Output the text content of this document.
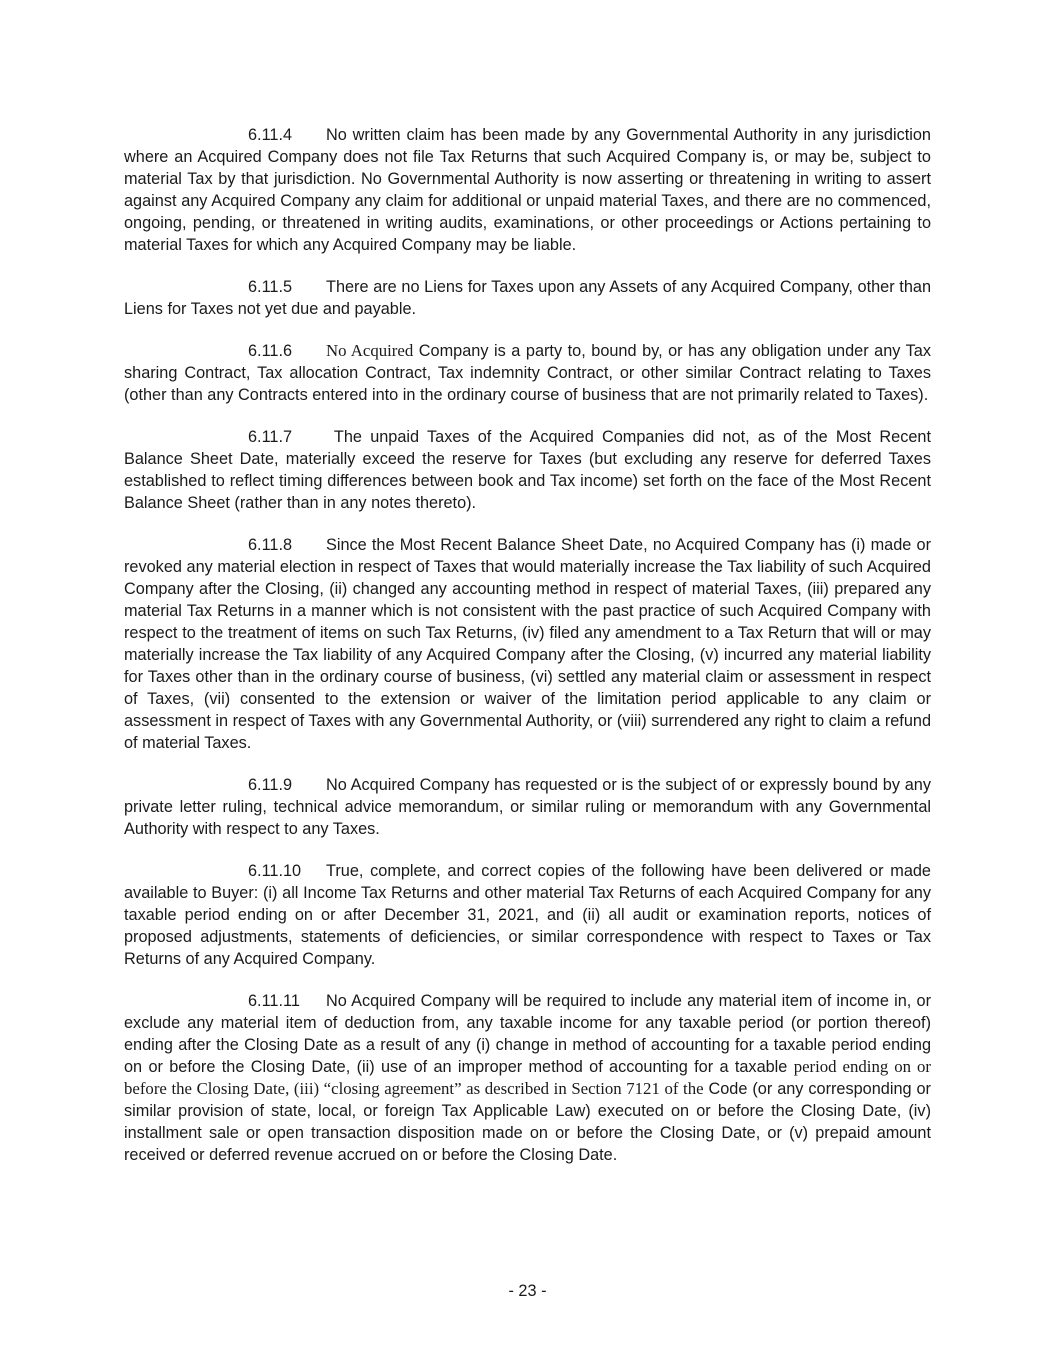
6.11.4 No written claim has been made by any Governmental Authority in any jurisdiction where an Acquired Company does not file Tax Returns that such Acquired Company is, or may be, subject to material Tax by that jurisdiction. No Governmental Authority is now asserting or threatening in writing to assert against any Acquired Company any claim for additional or unpaid material Taxes, and there are no commenced, ongoing, pending, or threatened in writing audits, examinations, or other proceedings or Actions pertaining to material Taxes for which any Acquired Company may be liable.

6.11.5 There are no Liens for Taxes upon any Assets of any Acquired Company, other than Liens for Taxes not yet due and payable.

6.11.6 No Acquired Company is a party to, bound by, or has any obligation under any Tax sharing Contract, Tax allocation Contract, Tax indemnity Contract, or other similar Contract relating to Taxes (other than any Contracts entered into in the ordinary course of business that are not primarily related to Taxes).

6.11.7 The unpaid Taxes of the Acquired Companies did not, as of the Most Recent Balance Sheet Date, materially exceed the reserve for Taxes (but excluding any reserve for deferred Taxes established to reflect timing differences between book and Tax income) set forth on the face of the Most Recent Balance Sheet (rather than in any notes thereto).

6.11.8 Since the Most Recent Balance Sheet Date, no Acquired Company has (i) made or revoked any material election in respect of Taxes that would materially increase the Tax liability of such Acquired Company after the Closing, (ii) changed any accounting method in respect of material Taxes, (iii) prepared any material Tax Returns in a manner which is not consistent with the past practice of such Acquired Company with respect to the treatment of items on such Tax Returns, (iv) filed any amendment to a Tax Return that will or may materially increase the Tax liability of any Acquired Company after the Closing, (v) incurred any material liability for Taxes other than in the ordinary course of business, (vi) settled any material claim or assessment in respect of Taxes, (vii) consented to the extension or waiver of the limitation period applicable to any claim or assessment in respect of Taxes with any Governmental Authority, or (viii) surrendered any right to claim a refund of material Taxes.

6.11.9 No Acquired Company has requested or is the subject of or expressly bound by any private letter ruling, technical advice memorandum, or similar ruling or memorandum with any Governmental Authority with respect to any Taxes.

6.11.10 True, complete, and correct copies of the following have been delivered or made available to Buyer: (i) all Income Tax Returns and other material Tax Returns of each Acquired Company for any taxable period ending on or after December 31, 2021, and (ii) all audit or examination reports, notices of proposed adjustments, statements of deficiencies, or similar correspondence with respect to Taxes or Tax Returns of any Acquired Company.

6.11.11 No Acquired Company will be required to include any material item of income in, or exclude any material item of deduction from, any taxable income for any taxable period (or portion thereof) ending after the Closing Date as a result of any (i) change in method of accounting for a taxable period ending on or before the Closing Date, (ii) use of an improper method of accounting for a taxable period ending on or before the Closing Date, (iii) “closing agreement” as described in Section 7121 of the Code (or any corresponding or similar provision of state, local, or foreign Tax Applicable Law) executed on or before the Closing Date, (iv) installment sale or open transaction disposition made on or before the Closing Date, or (v) prepaid amount received or deferred revenue accrued on or before the Closing Date.

- 23 -
